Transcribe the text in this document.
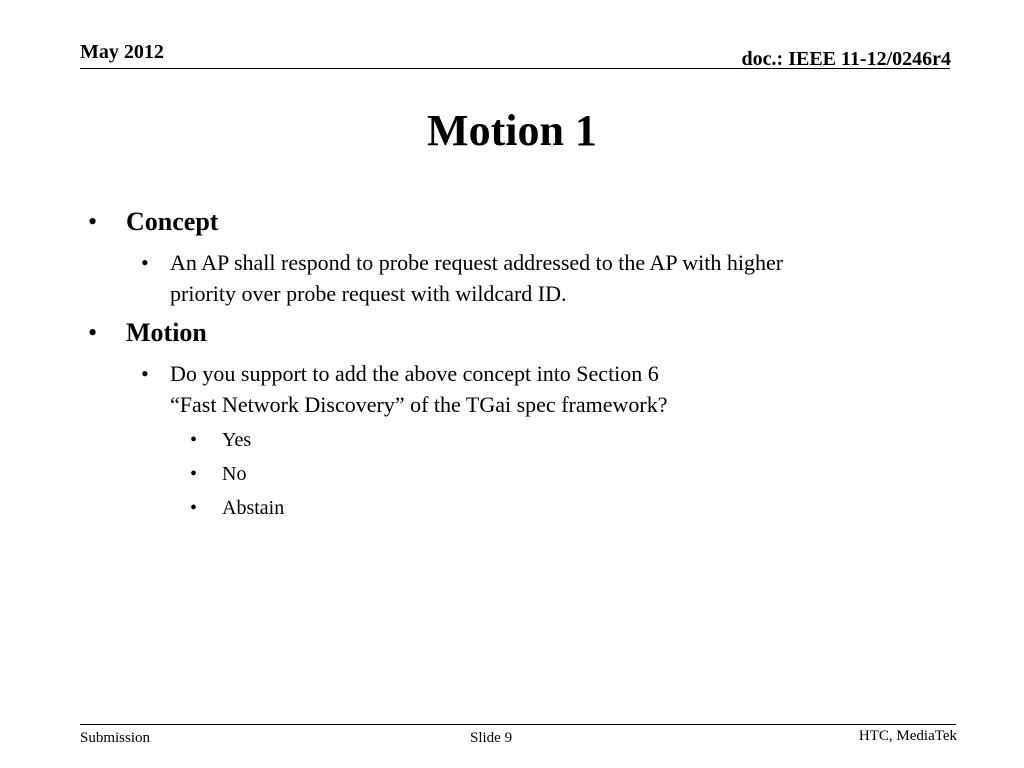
May 2012	doc.: IEEE 11-12/0246r4
Motion 1
• Concept
• An AP shall respond to probe request addressed to the AP with higher
priority over probe request with wildcard ID.
• Motion
• Do you support to add the above concept into Section 6
“Fast Network Discovery” of the TGai spec framework?
• Yes
• No
• Abstain
Submission	Slide 9	HTC, MediaTek
